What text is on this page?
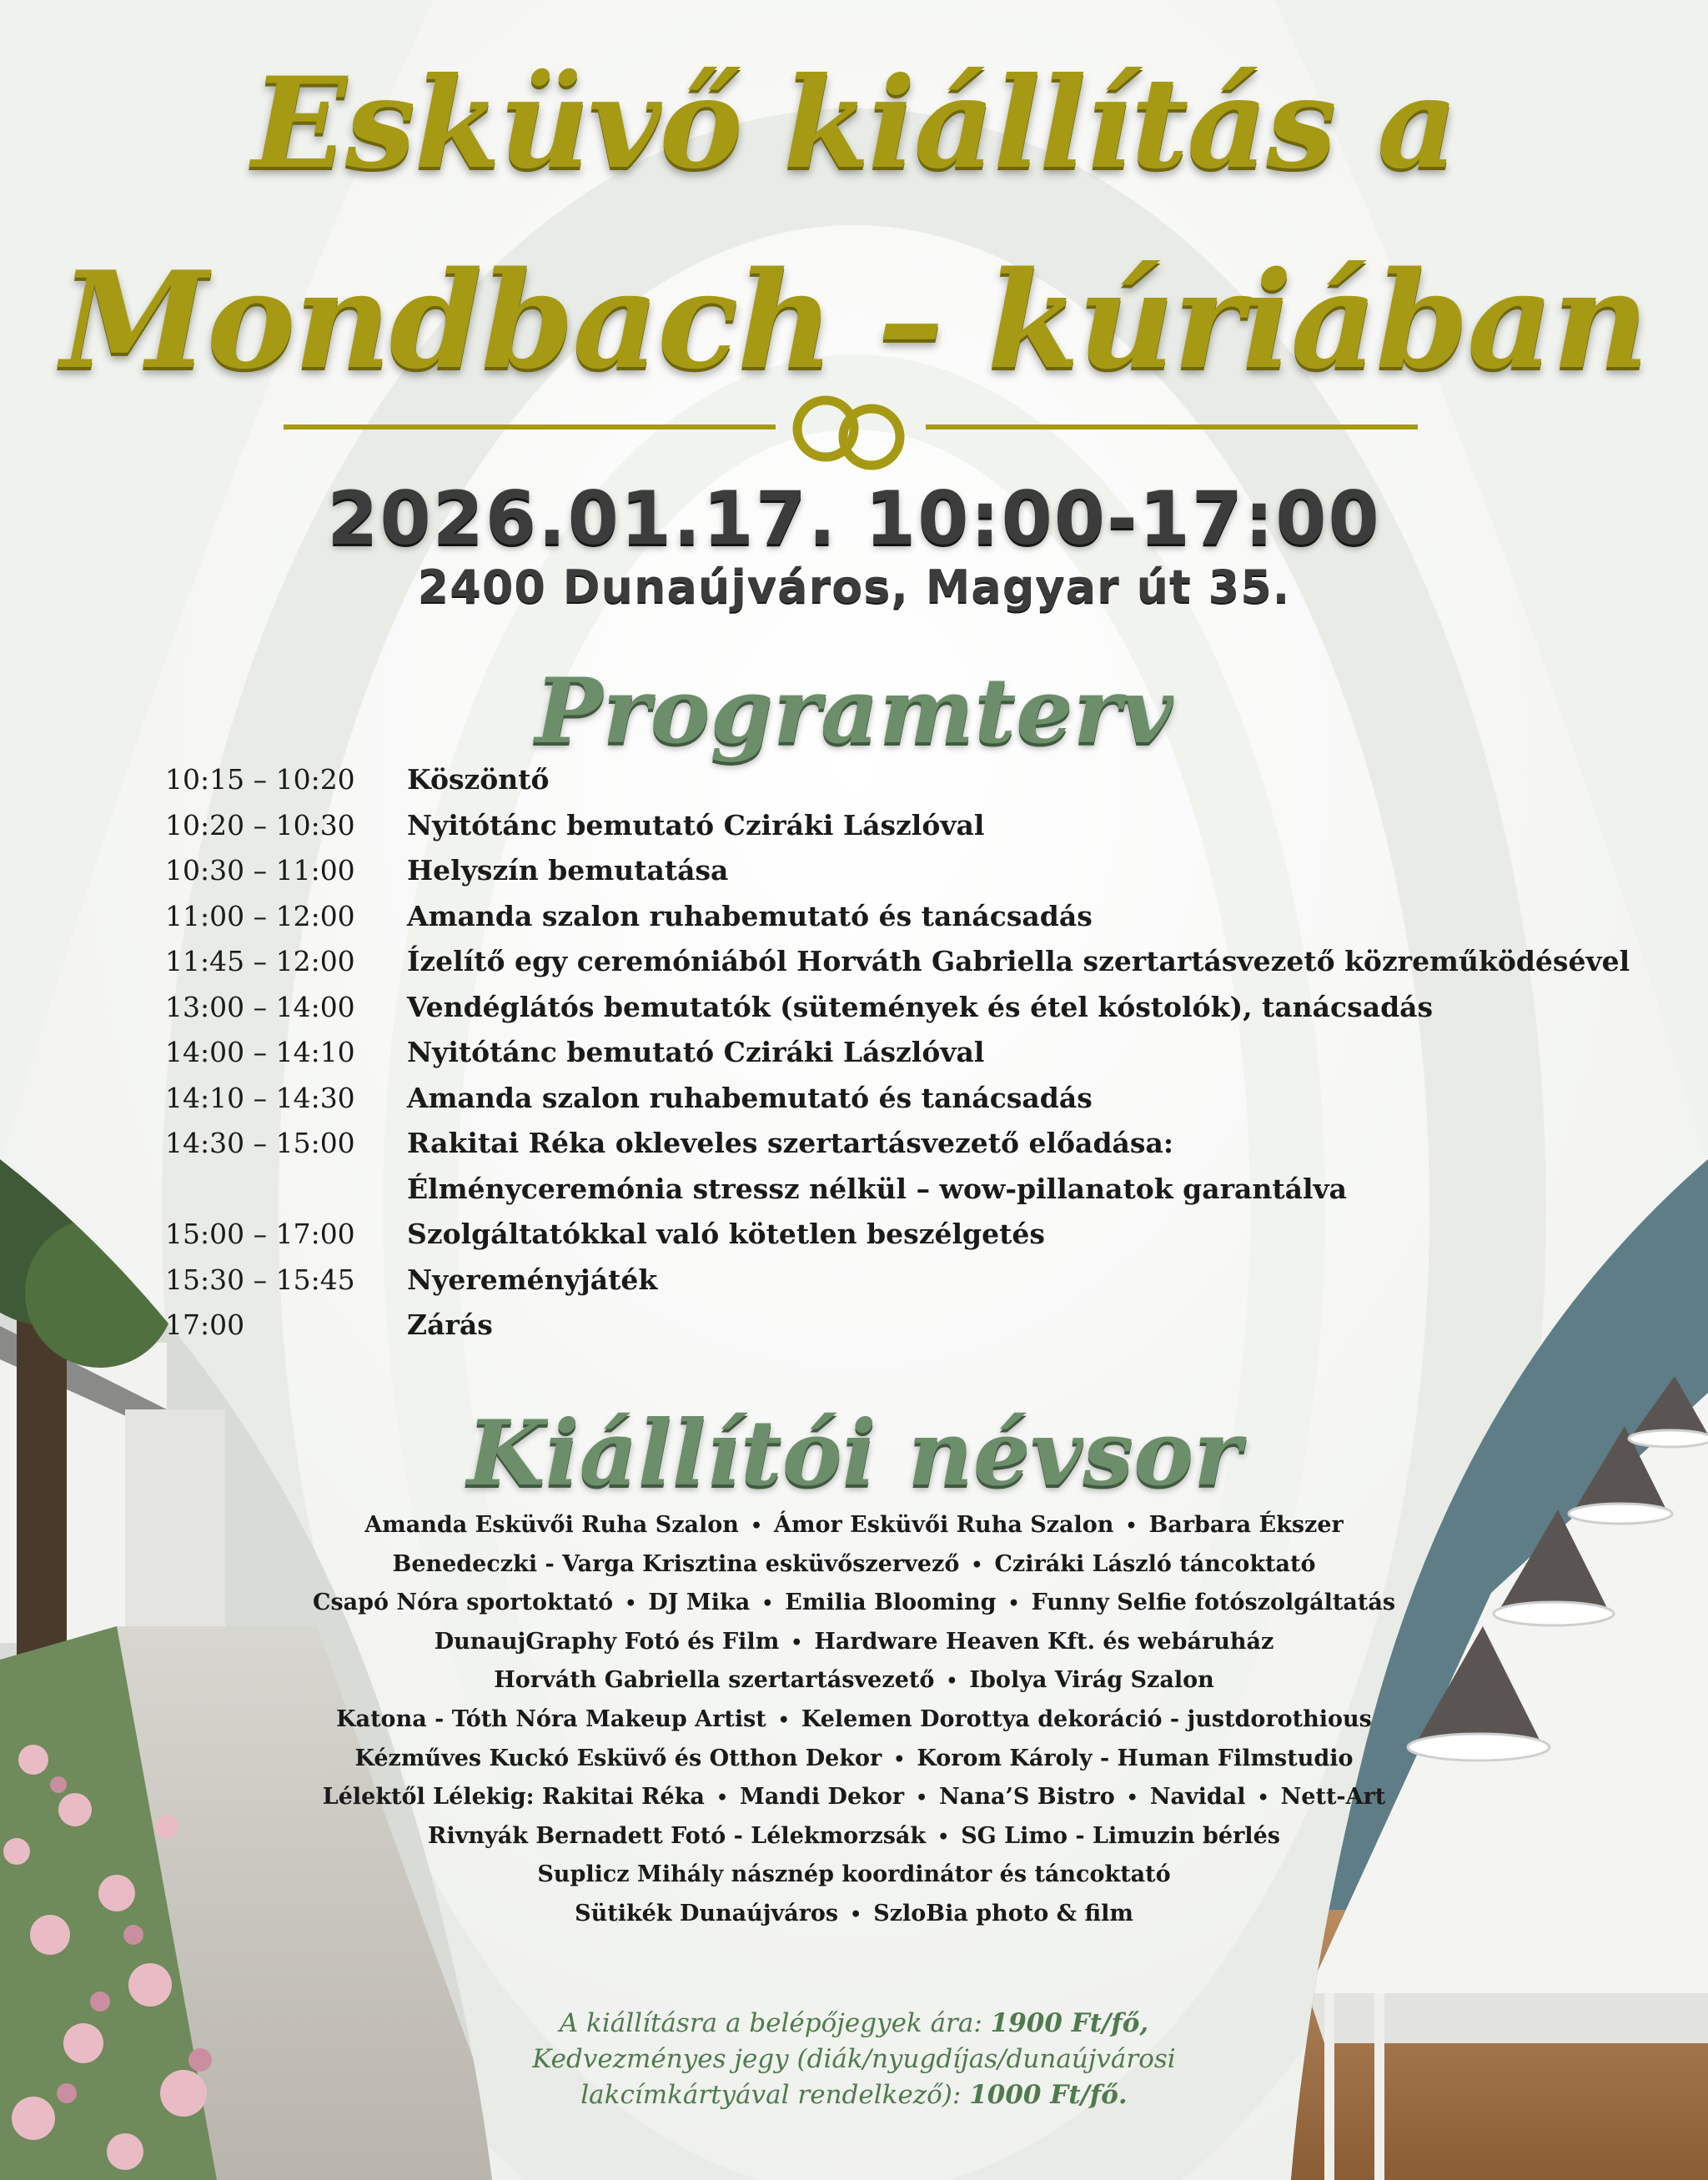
Esküvő kiállítás a
Mondbach – kúriában
2026.01.17. 10:00-17:00
2400 Dunaújváros, Magyar út 35.
Programterv
10:15 – 10:20	Köszöntő
10:20 – 10:30	Nyitótánc bemutató Cziráki Lászlóval
10:30 – 11:00	Helyszín bemutatása
11:00 – 12:00	Amanda szalon ruhabemutató és tanácsadás
11:45 – 12:00	Ízelítő egy ceremóniából Horváth Gabriella szertartásvezető közreműködésével
13:00 – 14:00	Vendéglátós bemutatók (sütemények és étel kóstolók), tanácsadás
14:00 – 14:10	Nyitótánc bemutató Cziráki Lászlóval
14:10 – 14:30	Amanda szalon ruhabemutató és tanácsadás
14:30 – 15:00	Rakitai Réka okleveles szertartásvezető előadása:
Élményceremónia stressz nélkül – wow-pillanatok garantálva
15:00 – 17:00	Szolgáltatókkal való kötetlen beszélgetés
15:30 – 15:45	Nyereményjáték
17:00	Zárás
Kiállítói névsor
Amanda Esküvői Ruha Szalon • Ámor Esküvői Ruha Szalon • Barbara Ékszer
Benedeczki - Varga Krisztina esküvőszervező • Cziráki László táncoktató
Csapó Nóra sportoktató • DJ Mika • Emilia Blooming • Funny Selfie fotószolgáltatás
DunaujGraphy Fotó és Film • Hardware Heaven Kft. és webáruház
Horváth Gabriella szertartásvezető • Ibolya Virág Szalon
Katona - Tóth Nóra Makeup Artist • Kelemen Dorottya dekoráció - justdorothious
Kézműves Kuckó Esküvő és Otthon Dekor • Korom Károly - Human Filmstudio
Lélektől Lélekig: Rakitai Réka • Mandi Dekor • Nana’S Bistro • Navidal • Nett-Art
Rivnyák Bernadett Fotó - Lélekmorzsák • SG Limo - Limuzin bérlés
Suplicz Mihály násznép koordinátor és táncoktató
Sütikék Dunaújváros • SzloBia photo & film
A kiállításra a belépőjegyek ára: 1900 Ft/fő,
Kedvezményes jegy (diák/nyugdíjas/dunaújvárosi
lakcímkártyával rendelkező): 1000 Ft/fő.
